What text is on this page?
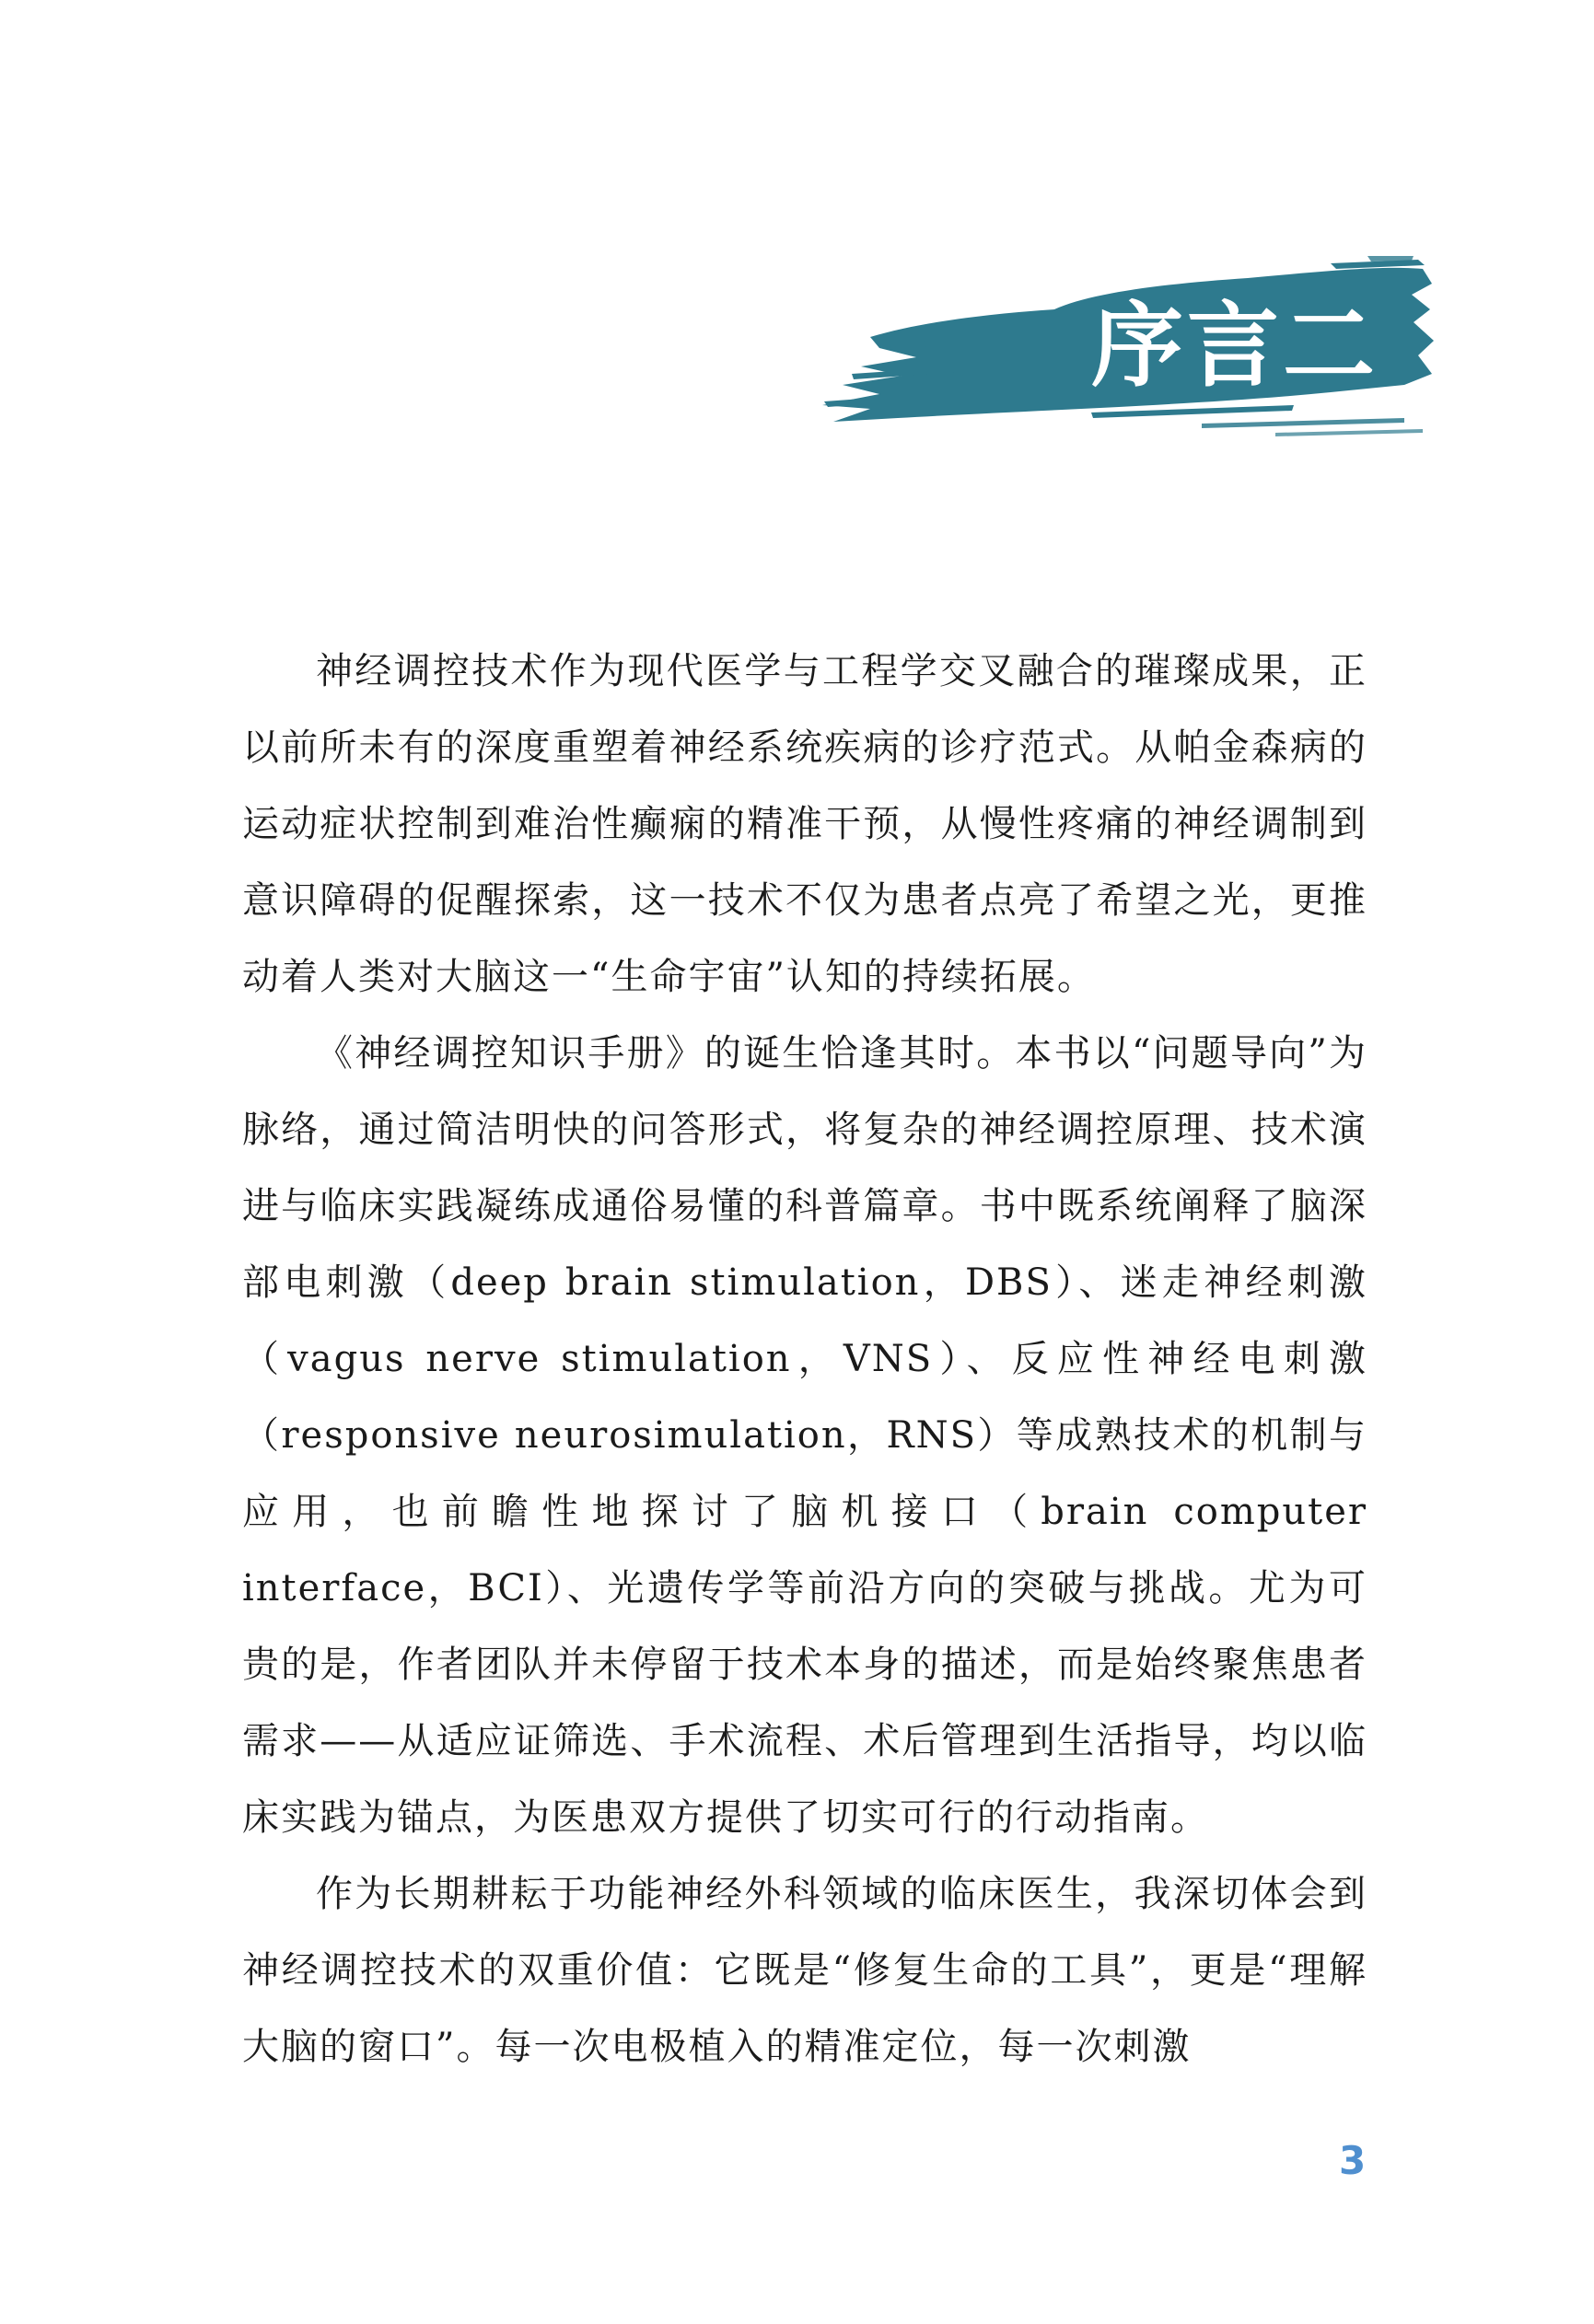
序言二

神经调控技术作为现代医学与工程学交叉融合的璀璨成果，正以前所未有的深度重塑着神经系统疾病的诊疗范式。从帕金森病的运动症状控制到难治性癫痫的精准干预，从慢性疼痛的神经调制到意识障碍的促醒探索，这一技术不仅为患者点亮了希望之光，更推动着人类对大脑这一“生命宇宙”认知的持续拓展。

《神经调控知识手册》的诞生恰逢其时。本书以“问题导向”为脉络，通过简洁明快的问答形式，将复杂的神经调控原理、技术演进与临床实践凝练成通俗易懂的科普篇章。书中既系统阐释了脑深部电刺激（deep brain stimulation，DBS）、迷走神经刺激（vagus nerve stimulation，VNS）、反应性神经电刺激（responsive neurosimulation，RNS）等成熟技术的机制与应用，也前瞻性地探讨了脑机接口（brain computer interface，BCI）、光遗传学等前沿方向的突破与挑战。尤为可贵的是，作者团队并未停留于技术本身的描述，而是始终聚焦患者需求——从适应证筛选、手术流程、术后管理到生活指导，均以临床实践为锚点，为医患双方提供了切实可行的行动指南。

作为长期耕耘于功能神经外科领域的临床医生，我深切体会到神经调控技术的双重价值：它既是“修复生命的工具”，更是“理解大脑的窗口”。每一次电极植入的精准定位，每一次刺激

3
